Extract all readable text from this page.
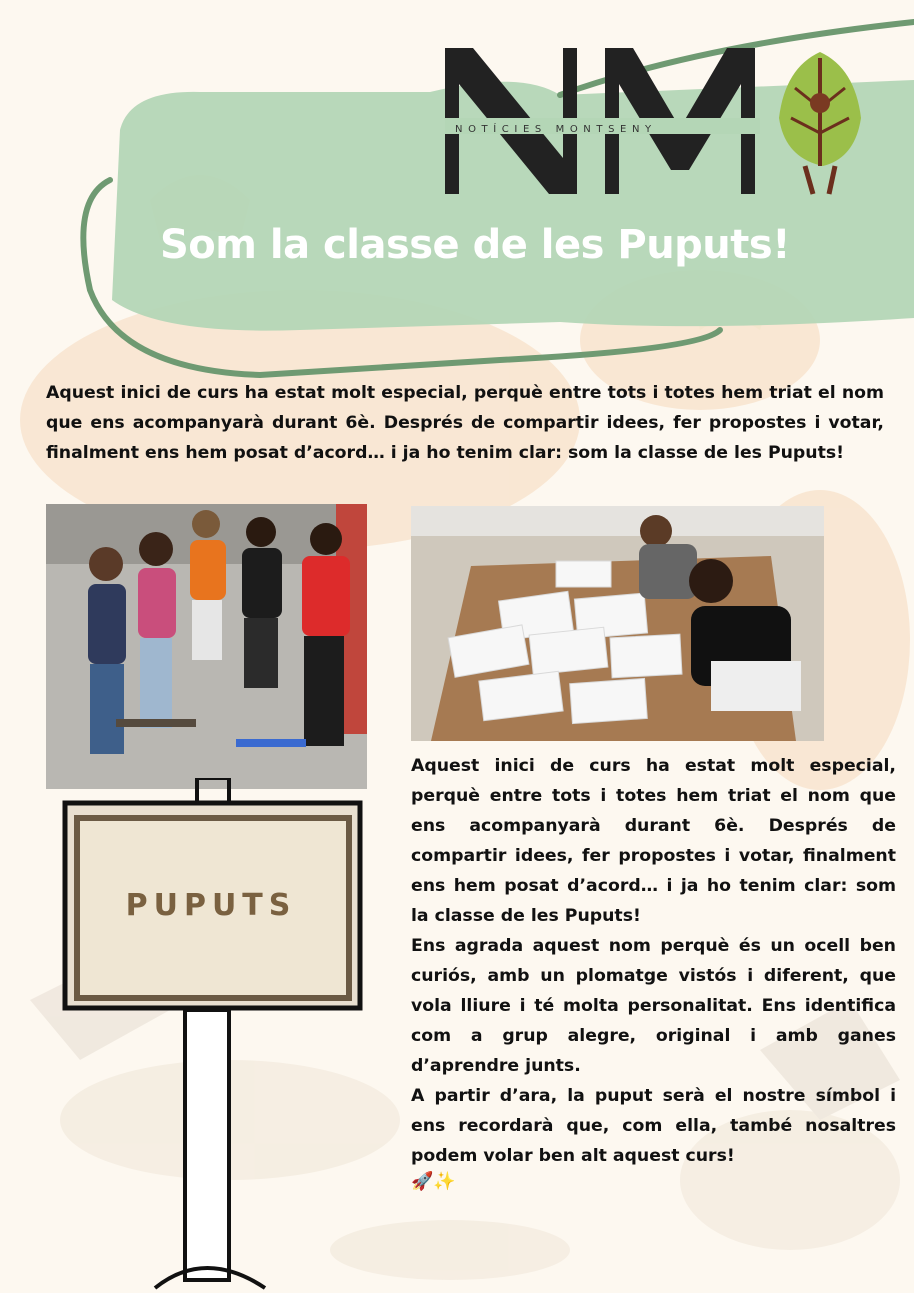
NOTÍCIES MONTSENY
Som la classe de les Puputs!

Aquest inici de curs ha estat molt especial, perquè entre tots i totes hem triat el nom que ens acompanyarà durant 6è. Després de compartir idees, fer propostes i votar, finalment ens hem posat d’acord… i ja ho tenim clar: som la classe de les Puputs!

PUPUTS

Aquest inici de curs ha estat molt especial, perquè entre tots i totes hem triat el nom que ens acompanyarà durant 6è. Després de compartir idees, fer propostes i votar, finalment ens hem posat d’acord… i ja ho tenim clar: som la classe de les Puputs!

Ens agrada aquest nom perquè és un ocell ben curiós, amb un plomatge vistós i diferent, que vola lliure i té molta personalitat. Ens identifica com a grup alegre, original i amb ganes d’aprendre junts.

A partir d’ara, la puput serà el nostre símbol i ens recordarà que, com ella, també nosaltres podem volar ben alt aquest curs!

🚀✨
